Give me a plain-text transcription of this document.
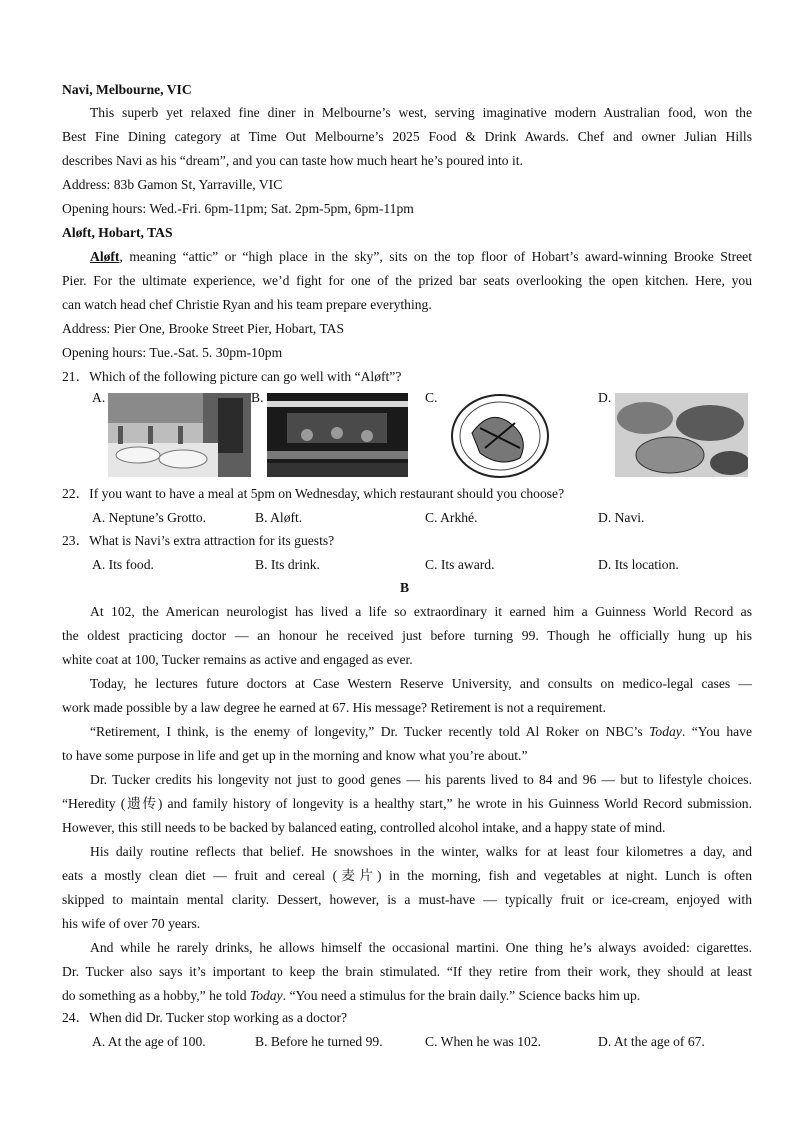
Navi, Melbourne, VIC
This superb yet relaxed fine diner in Melbourne’s west, serving imaginative modern Australian food, won the
Best Fine Dining category at Time Out Melbourne’s 2025 Food & Drink Awards. Chef and owner Julian Hills
describes Navi as his “dream”, and you can taste how much heart he’s poured into it.
Address: 83b Gamon St, Yarraville, VIC
Opening hours: Wed.-Fri. 6pm-11pm; Sat. 2pm-5pm, 6pm-11pm
Aløft, Hobart, TAS
Aløft, meaning “attic” or “high place in the sky”, sits on the top floor of Hobart’s award-winning Brooke Street
Pier. For the ultimate experience, we’d fight for one of the prized bar seats overlooking the open kitchen. Here, you
can watch head chef Christie Ryan and his team prepare everything.
Address: Pier One, Brooke Street Pier, Hobart, TAS
Opening hours: Tue.-Sat. 5. 30pm-10pm
21．Which of the following picture can go well with “Aløft”?
A.	B.	C.	D.
22．If you want to have a meal at 5pm on Wednesday, which restaurant should you choose?
A. Neptune’s Grotto.	B. Aløft.	C. Arkhé.	D. Navi.
23．What is Navi’s extra attraction for its guests?
A. Its food.	B. Its drink.	C. Its award.	D. Its location.
B
At 102, the American neurologist has lived a life so extraordinary it earned him a Guinness World Record as
the oldest practicing doctor — an honour he received just before turning 99. Though he officially hung up his
white coat at 100, Tucker remains as active and engaged as ever.
Today, he lectures future doctors at Case Western Reserve University, and consults on medico-legal cases —
work made possible by a law degree he earned at 67. His message? Retirement is not a requirement.
“Retirement, I think, is the enemy of longevity,” Dr. Tucker recently told Al Roker on NBC’s Today. “You have
to have some purpose in life and get up in the morning and know what you’re about.”
Dr. Tucker credits his longevity not just to good genes — his parents lived to 84 and 96 — but to lifestyle choices.
“Heredity (遗传) and family history of longevity is a healthy start,” he wrote in his Guinness World Record submission.
However, this still needs to be backed by balanced eating, controlled alcohol intake, and a happy state of mind.
His daily routine reflects that belief. He snowshoes in the winter, walks for at least four kilometres a day, and
eats a mostly clean diet — fruit and cereal (麦片) in the morning, fish and vegetables at night. Lunch is often
skipped to maintain mental clarity. Dessert, however, is a must-have — typically fruit or ice-cream, enjoyed with
his wife of over 70 years.
And while he rarely drinks, he allows himself the occasional martini. One thing he’s always avoided: cigarettes.
Dr. Tucker also says it’s important to keep the brain stimulated. “If they retire from their work, they should at least
do something as a hobby,” he told Today. “You need a stimulus for the brain daily.” Science backs him up.
24．When did Dr. Tucker stop working as a doctor?
A. At the age of 100.	B. Before he turned 99.	C. When he was 102.	D. At the age of 67.
